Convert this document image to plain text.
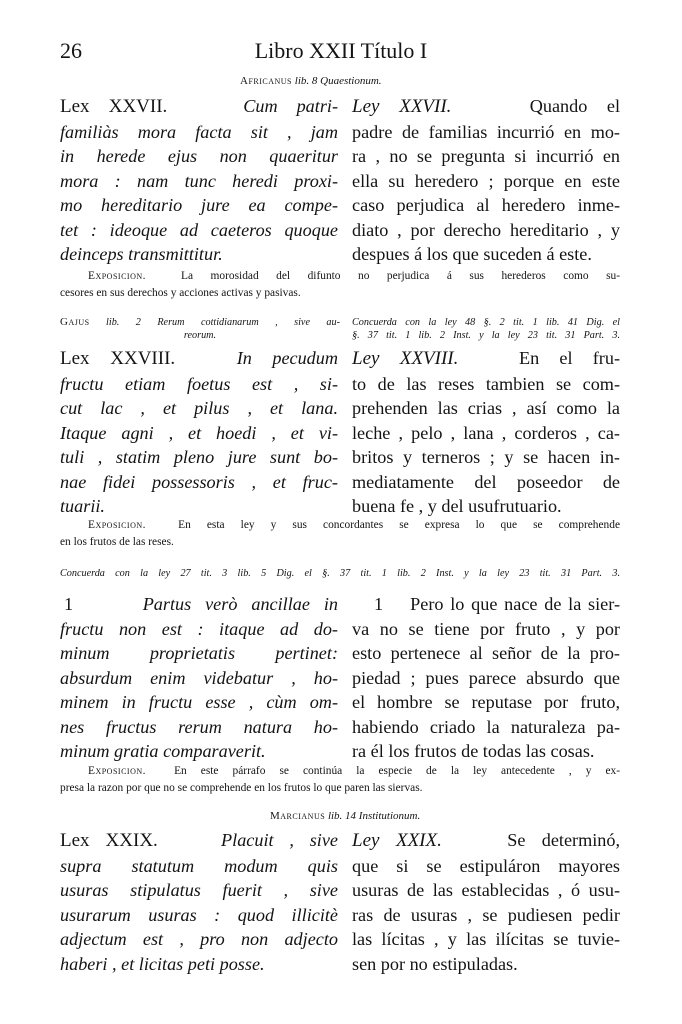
26	Libro XXII Título I
Africanus lib. 8 Quaestionum.

Lex XXVII.	Cum patri-

familiàs mora facta sit , jam

in herede ejus non quaeritur

mora : nam tunc heredi proxi-

mo hereditario jure ea compe-

tet : ideoque ad caeteros quoque

deinceps transmittitur.

Ley XXVII.	Quando el

padre de familias incurrió en mo-

ra , no se pregunta si incurrió en

ella su heredero ; porque en este

caso perjudica al heredero inme-

diato , por derecho hereditario , y

despues á los que suceden á este.

Exposicion.	La morosidad del difunto no perjudica á sus herederos como su-

cesores en sus derechos y acciones activas y pasivas.

Gajus lib. 2 Rerum cottidianarum , sive au-
reorum.
Concuerda con la ley 48 §. 2 tit. 1 lib. 41 Dig. el
§. 37 tit. 1 lib. 2 Inst. y la ley 23 tit. 31 Part. 3.

Lex XXVIII.	In pecudum

fructu etiam foetus est , si-

cut lac , et pilus , et lana.

Itaque agni , et hoedi , et vi-

tuli , statim pleno jure sunt bo-

nae fidei possessoris , et fruc-

tuarii.

Ley XXVIII.	En el fru-

to de las reses tambien se com-

prehenden las crias , así como la

leche , pelo , lana , corderos , ca-

britos y terneros ; y se hacen in-

mediatamente del poseedor de

buena fe , y del usufrutuario.

Exposicion.	En esta ley y sus concordantes se expresa lo que se comprehende

en los frutos de las reses.

Concuerda con la ley 27 tit. 3 lib. 5 Dig. el §. 37 tit. 1 lib. 2 Inst. y la ley 23 tit. 31 Part. 3.

1	Partus verò ancillae in

fructu non est : itaque ad do-

minum proprietatis pertinet:

absurdum enim videbatur , ho-

minem in fructu esse , cùm om-

nes fructus rerum natura ho-

minum gratia comparaverit.

1 Pero lo que nace de la sier-

va no se tiene por fruto , y por

esto pertenece al señor de la pro-

piedad ; pues parece absurdo que

el hombre se reputase por fruto,

habiendo criado la naturaleza pa-

ra él los frutos de todas las cosas.

Exposicion. En este párrafo se continúa la especie de la ley antecedente , y ex-

presa la razon por que no se comprehende en los frutos lo que paren las siervas.

Marcianus lib. 14 Institutionum.

Lex XXIX.	Placuit , sive

supra statutum modum quis

usuras stipulatus fuerit , sive

usurarum usuras : quod illicitè

adjectum est , pro non adjecto

haberi , et licitas peti posse.

Ley XXIX.	Se determinó,

que si se estipuláron mayores

usuras de las establecidas , ó usu-

ras de usuras , se pudiesen pedir

las lícitas , y las ilícitas se tuvie-

sen por no estipuladas.
